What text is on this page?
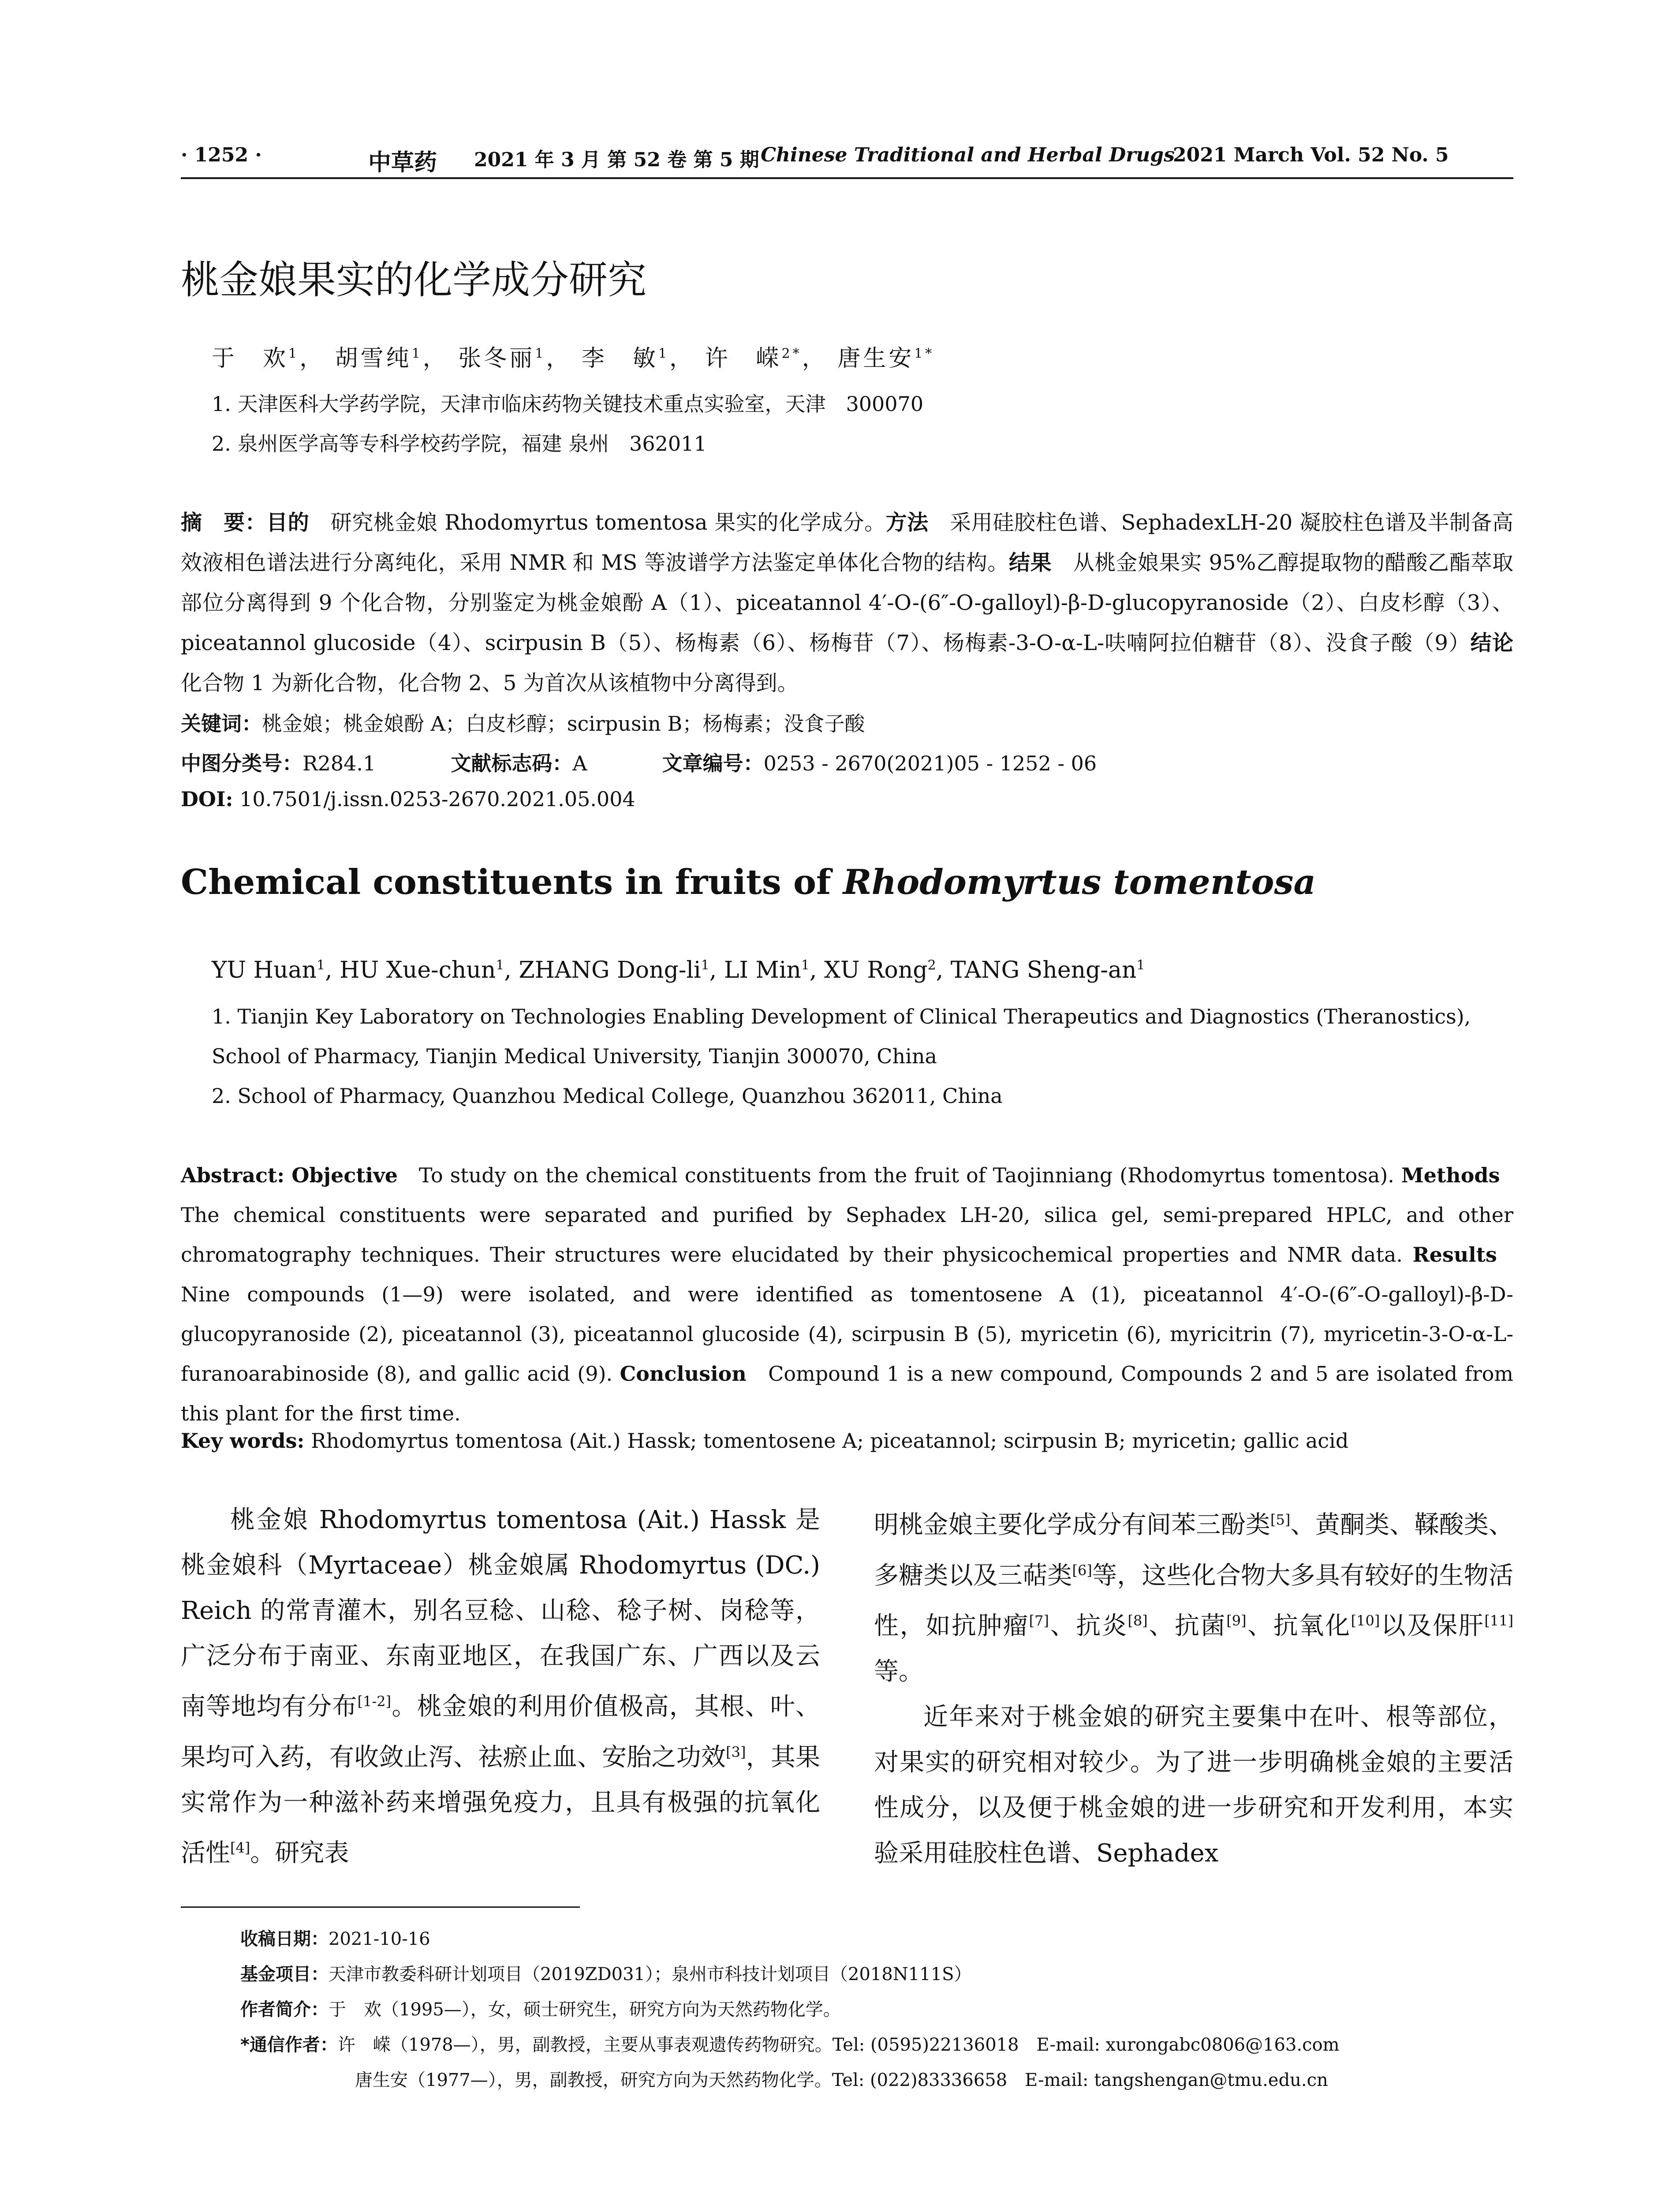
· 1252 ·	中草药 2021 年 3 月 第 52 卷 第 5 期 Chinese Traditional and Herbal Drugs
2021 March Vol. 52 No. 5
桃金娘果实的化学成分研究
于　欢$^1$， 胡雪纯$^1$， 张冬丽$^1$， 李　敏$^1$， 许　嵘$^{2*}$， 唐生安$^{1*}$
1. 天津医科大学药学院，天津市临床药物关键技术重点实验室，天津　300070
2. 泉州医学高等专科学校药学院，福建 泉州　362011
摘　要：目的　 研究桃金娘 Rhodomyrtus tomentosa 果实的化学成分。方法　 采用硅胶柱色谱、SephadexLH-20 凝胶柱色谱及半制备高效液相色谱法进行分离纯化，采用 NMR 和 MS 等波谱学方法鉴定单体化合物的结构。结果　 从桃金娘果实 95%乙醇提取物的醋酸乙酯萃取部位分离得到 9 个化合物，分别鉴定为桃金娘酚 A（1）、piceatannol 4′-O-(6″-O-galloyl)-β-D-glucopyranoside（2）、白皮杉醇（3）、piceatannol glucoside（4）、scirpusin B（5）、杨梅素（6）、杨梅苷（7）、杨梅素-3-O-α-L-呋喃阿拉伯糖苷（8）、没食子酸（9）结论　化合物 1 为新化合物，化合物 2、5 为首次从该植物中分离得到。
关键词：桃金娘；桃金娘酚 A；白皮杉醇；scirpusin B；杨梅素；没食子酸
中图分类号：R284.1	文献标志码：A	文章编号：0253 - 2670(2021)05 - 1252 - 06
DOI: 10.7501/j.issn.0253-2670.2021.05.004
Chemical constituents in fruits of Rhodomyrtus tomentosa
YU Huan$^1$, HU Xue-chun$^1$, ZHANG Dong-$li^1$, LI Min$^1$, XU Rong$^2$, TANG Sheng-$an^1$
1. Tianjin Key Laboratory on Technologies Enabling Development of Clinical Therapeutics and Diagnostics (Theranostics), School of Pharmacy, Tianjin Medical University, Tianjin 300070, China
2. School of Pharmacy, Quanzhou Medical College, Quanzhou 362011, China
Abstract: Objective To study on the chemical constituents from the fruit of Taojinniang (Rhodomyrtus tomentosa). Methods   The chemical constituents were separated and purified by Sephadex LH-20, silica gel, semi-prepared HPLC, and other chromatography techniques. Their structures were elucidated by their physicochemical properties and NMR data. Results   Nine compounds (1—9) were isolated, and were identified as tomentosene A (1), piceatannol 4′-O-(6″-O-galloyl)-β-D-glucopyranoside (2), piceatannol (3), piceatannol glucoside (4), scirpusin B (5), myricetin (6), myricitrin (7), myricetin-3-O-α-L-furanoarabinoside (8), and gallic acid (9). Conclusion Compound 1 is a new compound, Compounds 2 and 5 are isolated from this plant for the first time.
Key words: Rhodomyrtus tomentosa (Ait.) Hassk; tomentosene A; piceatannol; scirpusin B; myricetin; gallic acid

桃金娘 Rhodomyrtus tomentosa (Ait.) Hassk 是桃金娘科（Myrtaceae）桃金娘属 Rhodomyrtus (DC.) Reich 的常青灌木，别名豆稔、山稔、稔子树、岗稔等，广泛分布于南亚、东南亚地区，在我国广东、广西以及云南等地均有分布[1-2]。桃金娘的利用价值极高，其根、叶、果均可入药，有收敛止泻、祛瘀止血、安胎之功效[3]，其果实常作为一种滋补药来增强免疫力，且具有极强的抗氧化活性[4]。研究表

明桃金娘主要化学成分有间苯三酚类[5]、黄酮类、鞣酸类、多糖类以及三萜类[6]等，这些化合物大多具有较好的生物活性，如抗肿瘤[7]、抗炎[8]、抗菌[9]、抗氧化[10]以及保肝[11]等。

近年来对于桃金娘的研究主要集中在叶、根等部位，对果实的研究相对较少。为了进一步明确桃金娘的主要活性成分，以及便于桃金娘的进一步研究和开发利用，本实验采用硅胶柱色谱、Sephadex

收稿日期：2021-10-16
基金项目：天津市教委科研计划项目（2019ZD031）；泉州市科技计划项目（2018N111S）
作者简介：于　欢（1995—），女，硕士研究生，研究方向为天然药物化学。
*通信作者：许　嵘（1978—），男，副教授，主要从事表观遗传药物研究。Tel: (0595)22136018　E-mail: xurongabc0806@163.com
唐生安（1977—），男，副教授，研究方向为天然药物化学。Tel: (022)83336658　E-mail: tangshengan@tmu.edu.cn
